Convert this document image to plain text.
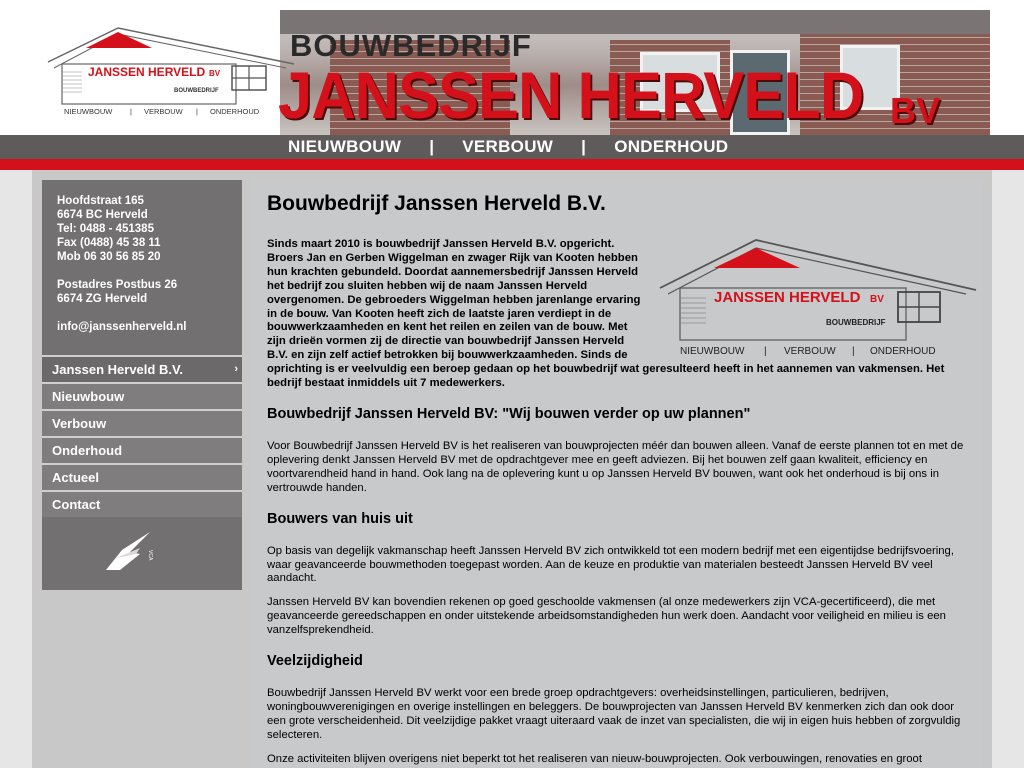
JANSSEN HERVELD BV
BOUWBEDRIJF
NIEUWBOUW | VERBOUW | ONDERHOUD
BOUWBEDRIJF
JANSSEN HERVELD BV
NIEUWBOUW | VERBOUW | ONDERHOUD
Hoofdstraat 165
6674 BC Herveld
Tel: 0488 - 451385
Fax (0488) 45 38 11
Mob 06 30 56 85 20
Postadres Postbus 26
6674 ZG Herveld
info@janssenherveld.nl
Janssen Herveld B.V.	›
Nieuwbouw
Verbouw
Onderhoud
Actueel
Contact
VCA
Bouwbedrijf Janssen Herveld B.V.
JANSSEN HERVELD BV
BOUWBEDRIJF
NIEUWBOUW | VERBOUW | ONDERHOUD

Sinds maart 2010 is bouwbedrijf Janssen Herveld B.V. opgericht. Broers Jan en Gerben Wiggelman en zwager Rijk van Kooten hebben hun krachten gebundeld. Doordat aannemersbedrijf Janssen Herveld het bedrijf zou sluiten hebben wij de naam Janssen Herveld overgenomen. De gebroeders Wiggelman hebben jarenlange ervaring in de bouw. Van Kooten heeft zich de laatste jaren verdiept in de bouwwerkzaamheden en kent het reilen en zeilen van de bouw. Met zijn drieën vormen zij de directie van bouwbedrijf Janssen Herveld B.V. en zijn zelf actief betrokken bij bouwwerkzaamheden. Sinds de oprichting is er veelvuldig een beroep gedaan op het bouwbedrijf wat geresulteerd heeft in het aannemen van vakmensen. Het bedrijf bestaat inmiddels uit 7 medewerkers.

Bouwbedrijf Janssen Herveld BV: "Wij bouwen verder op uw plannen"

Voor Bouwbedrijf Janssen Herveld BV is het realiseren van bouwprojecten méér dan bouwen alleen. Vanaf de eerste plannen tot en met de oplevering denkt Janssen Herveld BV met de opdrachtgever mee en geeft adviezen. Bij het bouwen zelf gaan kwaliteit, efficiency en voortvarendheid hand in hand. Ook lang na de oplevering kunt u op Janssen Herveld BV bouwen, want ook het onderhoud is bij ons in vertrouwde handen.

Bouwers van huis uit

Op basis van degelijk vakmanschap heeft Janssen Herveld BV zich ontwikkeld tot een modern bedrijf met een eigentijdse bedrijfsvoering, waar geavanceerde bouwmethoden toegepast worden. Aan de keuze en produktie van materialen besteedt Janssen Herveld BV veel aandacht.

Janssen Herveld BV kan bovendien rekenen op goed geschoolde vakmensen (al onze medewerkers zijn VCA-gecertificeerd), die met geavanceerde gereedschappen en onder uitstekende arbeidsomstandigheden hun werk doen. Aandacht voor veiligheid en milieu is een vanzelfsprekendheid.

Veelzijdigheid

Bouwbedrijf Janssen Herveld BV werkt voor een brede groep opdrachtgevers: overheidsinstellingen, particulieren, bedrijven, woningbouwverenigingen en overige instellingen en beleggers. De bouwprojecten van Janssen Herveld BV kenmerken zich dan ook door een grote verscheidenheid. Dit veelzijdige pakket vraagt uiteraard vaak de inzet van specialisten, die wij in eigen huis hebben of zorgvuldig selecteren.

Onze activiteiten blijven overigens niet beperkt tot het realiseren van nieuw-bouwprojecten. Ook verbouwingen, renovaties en groot
